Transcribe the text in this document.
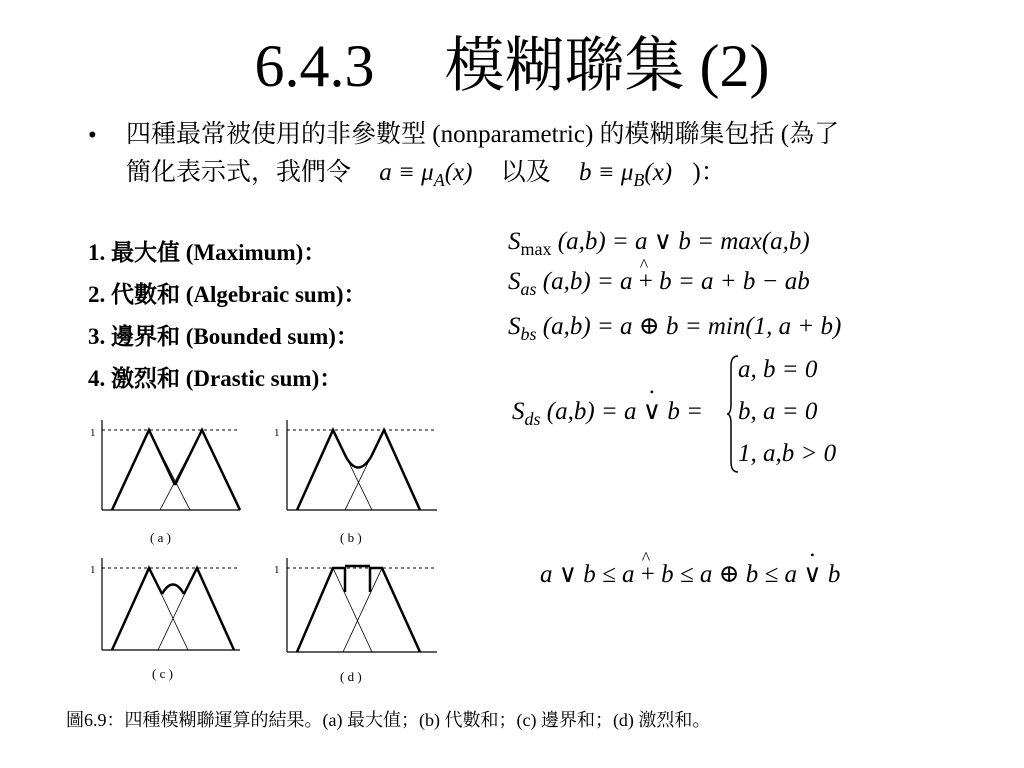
6.4.3 模糊聯集 (2)
• 四種最常被使用的非參數型 (nonparametric) 的模糊聯集包括 (為了
簡化表示式，我們令 $a \equiv \mu_A(x)$ 以及 $b \equiv \mu_B(x)$ )：
1. 最大值 (Maximum)：
2. 代數和 (Algebraic sum)：
3. 邊界和 (Bounded sum)：
4. 激烈和 (Drastic sum)：
$S_{max}$ (a,b) = a ∨ b = max(a,b)
$S_{as}$ (a,b) = a ^ + b = a + b − ab
$S_{bs}$ (a,b) = a ⊕ b = min(1, a + b)
$S_{ds}$ (a,b) = a • ∨ b =
a, b = 0
b, a = 0
1, a,b > 0
a ∨ b ≤ a ^ + b ≤ a ⊕ b ≤ a • ∨ b
1
( a )
1
( b )
1
( c )
1
( d )
圖6.9：四種模糊聯運算的結果。(a) 最大值；(b) 代數和；(c) 邊界和；(d) 激烈和。
